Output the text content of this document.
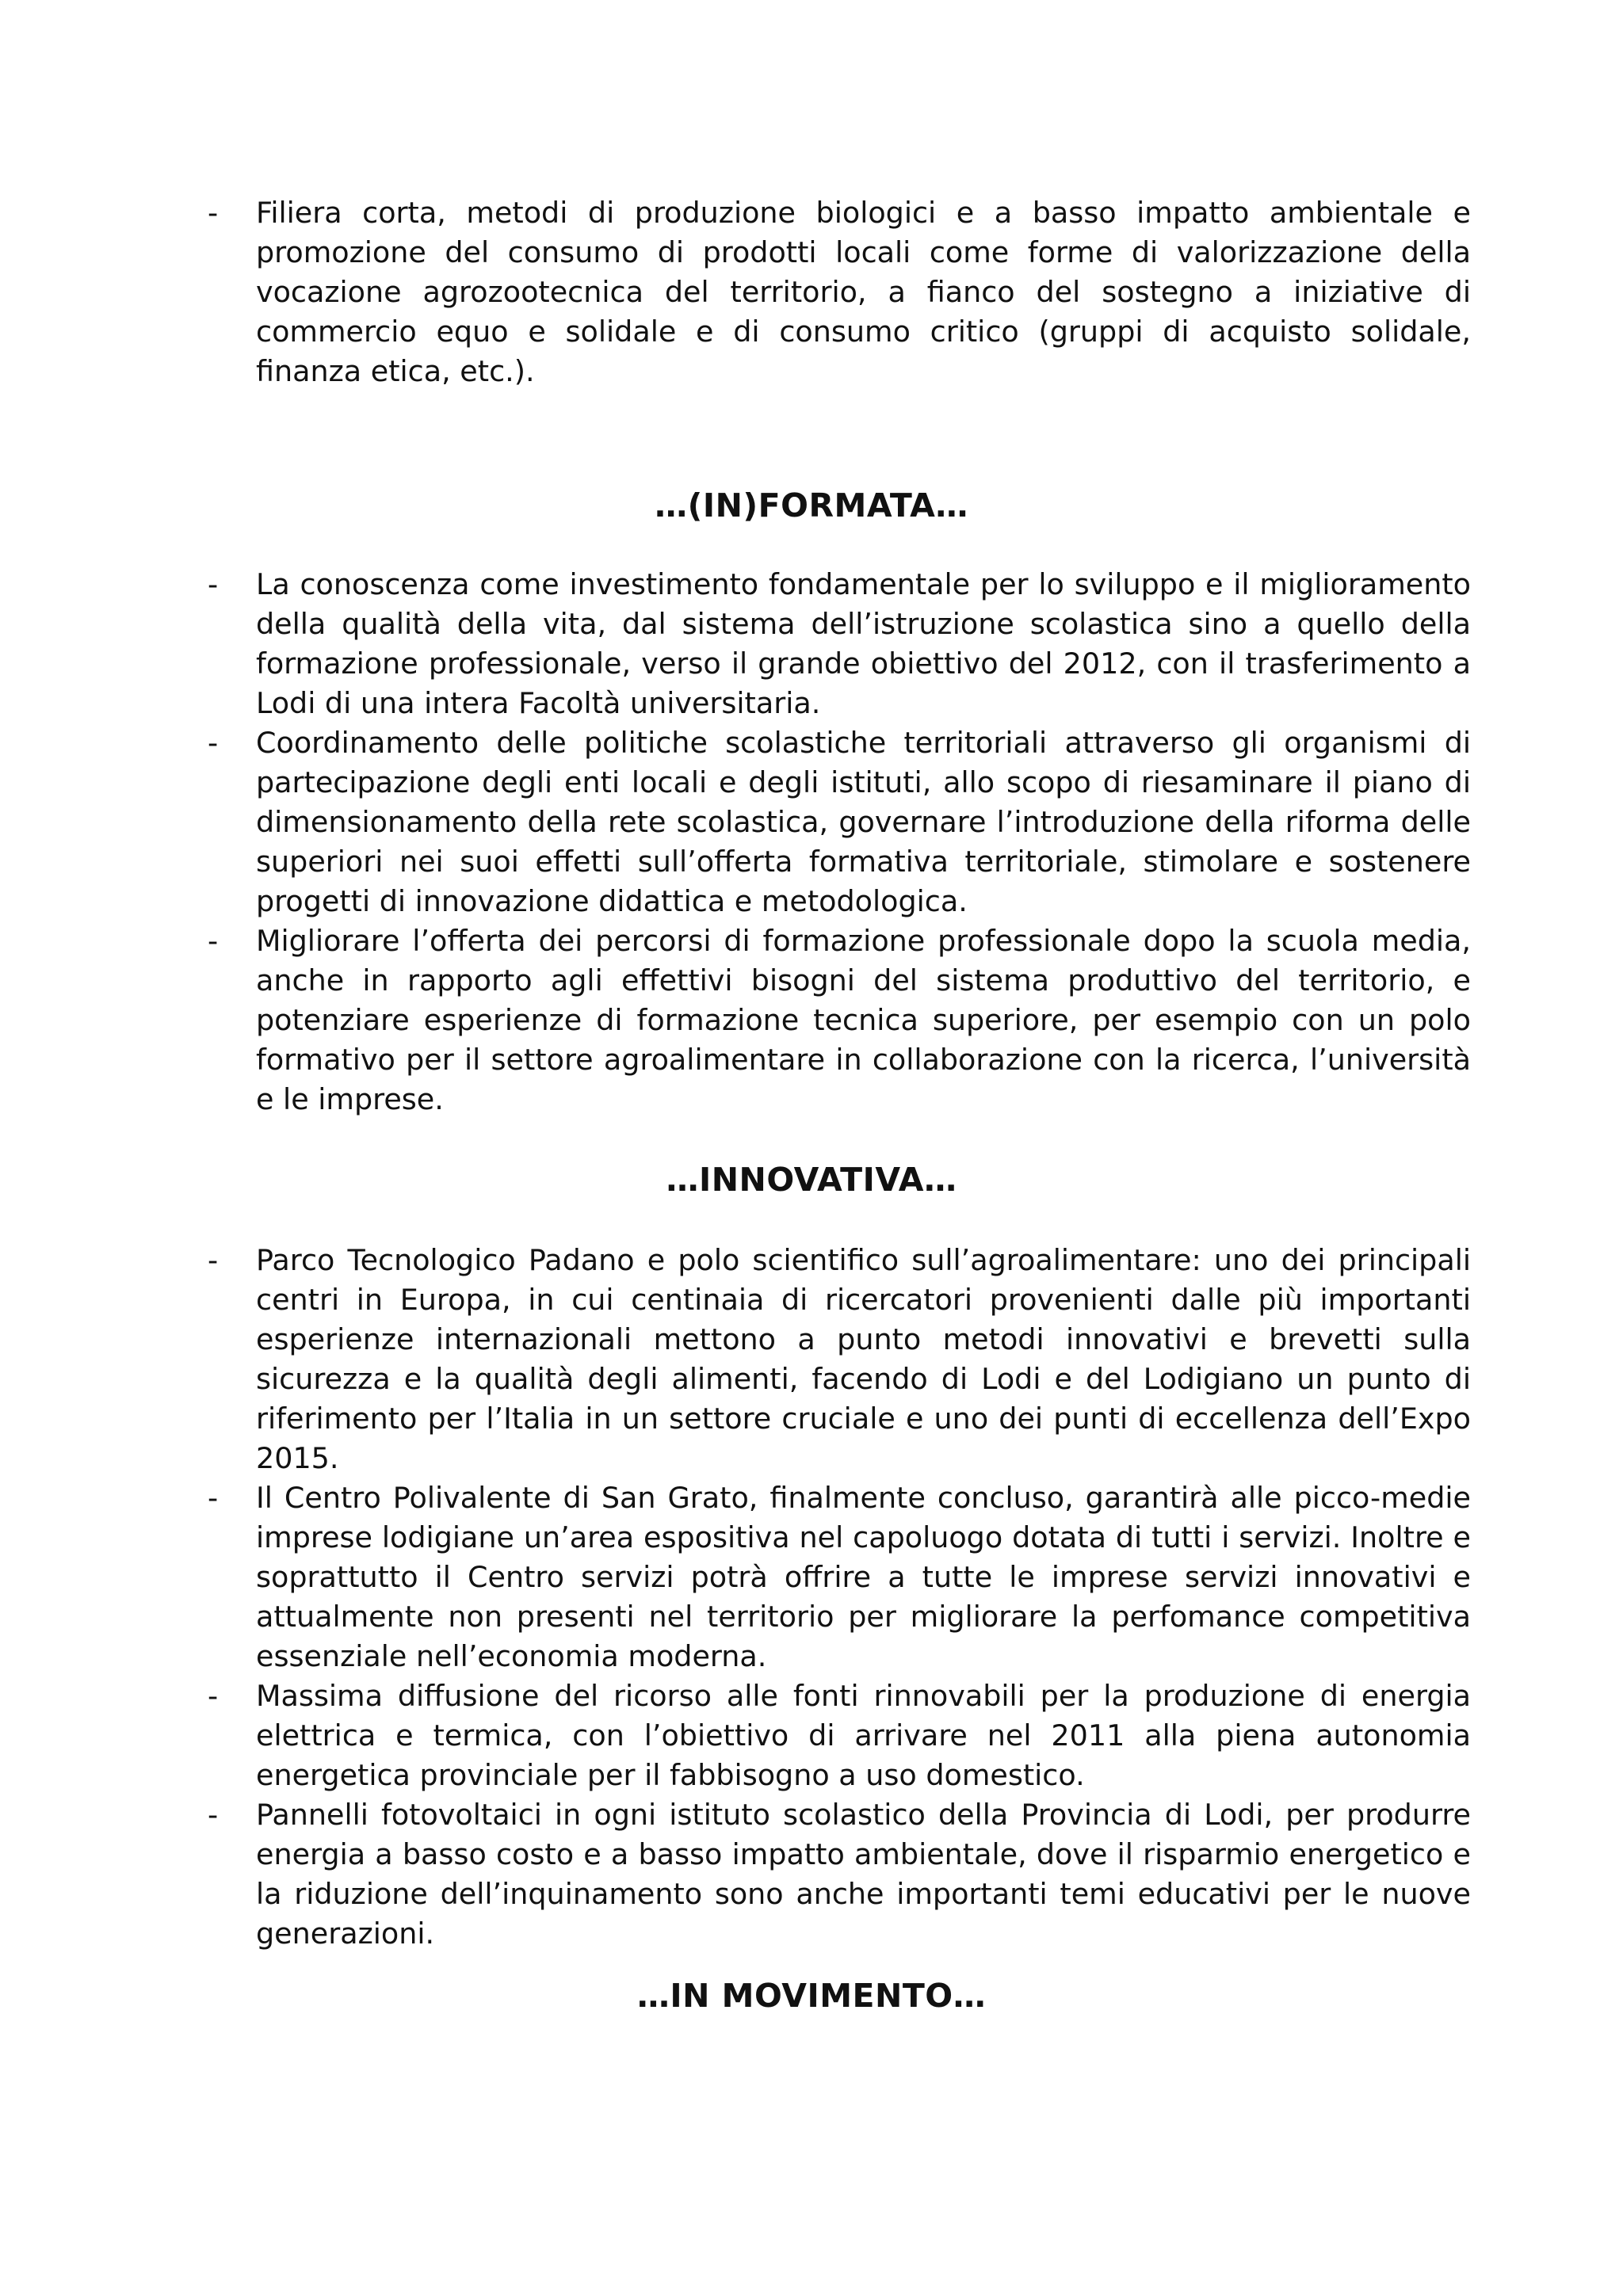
- Filiera corta, metodi di produzione biologici e a basso impatto ambientale e promozione del consumo di prodotti locali come forme di valorizzazione della vocazione agrozootecnica del territorio, a fianco del sostegno a iniziative di commercio equo e solidale e di consumo critico (gruppi di acquisto solidale, finanza etica, etc.).
…(IN)FORMATA…
- La conoscenza come investimento fondamentale per lo sviluppo e il miglioramento della qualità della vita, dal sistema dell’istruzione scolastica sino a quello della formazione professionale, verso il grande obiettivo del 2012, con il trasferimento a Lodi di una intera Facoltà universitaria.
- Coordinamento delle politiche scolastiche territoriali attraverso gli organismi di partecipazione degli enti locali e degli istituti, allo scopo di riesaminare il piano di dimensionamento della rete scolastica, governare l’introduzione della riforma delle superiori nei suoi effetti sull’offerta formativa territoriale, stimolare e sostenere progetti di innovazione didattica e metodologica.
- Migliorare l’offerta dei percorsi di formazione professionale dopo la scuola media, anche in rapporto agli effettivi bisogni del sistema produttivo del territorio, e potenziare esperienze di formazione tecnica superiore, per esempio con un polo formativo per il settore agroalimentare in collaborazione con la ricerca, l’università e le imprese.
…INNOVATIVA…
- Parco Tecnologico Padano e polo scientifico sull’agroalimentare: uno dei principali centri in Europa, in cui centinaia di ricercatori provenienti dalle più importanti esperienze internazionali mettono a punto metodi innovativi e brevetti sulla sicurezza e la qualità degli alimenti, facendo di Lodi e del Lodigiano un punto di riferimento per l’Italia in un settore cruciale e uno dei punti di eccellenza dell’Expo 2015.
- Il Centro Polivalente di San Grato, finalmente concluso, garantirà alle picco-medie imprese lodigiane un’area espositiva nel capoluogo dotata di tutti i servizi. Inoltre e soprattutto il Centro servizi potrà offrire a tutte le imprese servizi innovativi e attualmente non presenti nel territorio per migliorare la perfomance competitiva essenziale nell’economia moderna.
- Massima diffusione del ricorso alle fonti rinnovabili per la produzione di energia elettrica e termica, con l’obiettivo di arrivare nel 2011 alla piena autonomia energetica provinciale per il fabbisogno a uso domestico.
- Pannelli fotovoltaici in ogni istituto scolastico della Provincia di Lodi, per produrre energia a basso costo e a basso impatto ambientale, dove il risparmio energetico e la riduzione dell’inquinamento sono anche importanti temi educativi per le nuove generazioni.
…IN MOVIMENTO…
